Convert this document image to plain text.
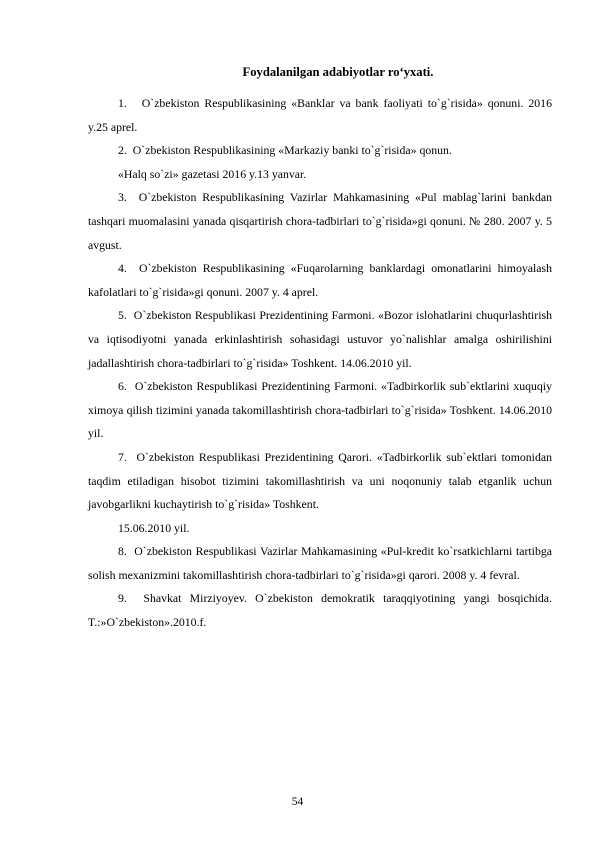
Foydalanilgan adabiyotlar ro‘yxati.

1. O`zbekiston Respublikasining «Banklar va bank faoliyati to`g`risida» qonuni. 2016 y.25 aprel.

2. O`zbekiston Respublikasining «Markaziy banki to`g`risida» qonun.

«Halq so`zi» gazetasi 2016 y.13 yanvar.

3. O`zbekiston Respublikasining Vazirlar Mahkamasining «Pul mablag`larini bankdan tashqari muomalasini yanada qisqartirish chora-tadbirlari to`g`risida»gi qonuni. № 280. 2007 y. 5 avgust.

4. O`zbekiston Respublikasining «Fuqarolarning banklardagi omonatlarini himoyalash kafolatlari to`g`risida»gi qonuni. 2007 y. 4 aprel.

5. O`zbekiston Respublikasi Prezidentining Farmoni. «Bozor islohatlarini chuqurlashtirish va iqtisodiyotni yanada erkinlashtirish sohasidagi ustuvor yo`nalishlar amalga oshirilishini jadallashtirish chora-tadbirlari to`g`risida» Toshkent. 14.06.2010 yil.

6. O`zbekiston Respublikasi Prezidentining Farmoni. «Tadbirkorlik sub`ektlarini xuquqiy ximoya qilish tizimini yanada takomillashtirish chora-tadbirlari to`g`risida» Toshkent. 14.06.2010 yil.

7. O`zbekiston Respublikasi Prezidentining Qarori. «Tadbirkorlik sub`ektlari tomonidan taqdim etiladigan hisobot tizimini takomillashtirish va uni noqonuniy talab etganlik uchun javobgarlikni kuchaytirish to`g`risida» Toshkent.

15.06.2010 yil.

8. O`zbekiston Respublikasi Vazirlar Mahkamasining «Pul-kredit ko`rsatkichlarni tartibga solish mexanizmini takomillashtirish chora-tadbirlari to`g`risida»gi qarori. 2008 y. 4 fevral.

9. Shavkat Mirziyoyev. O`zbekiston demokratik taraqqiyotining yangi bosqichida. T.:»O`zbekiston».2010.f.

54
